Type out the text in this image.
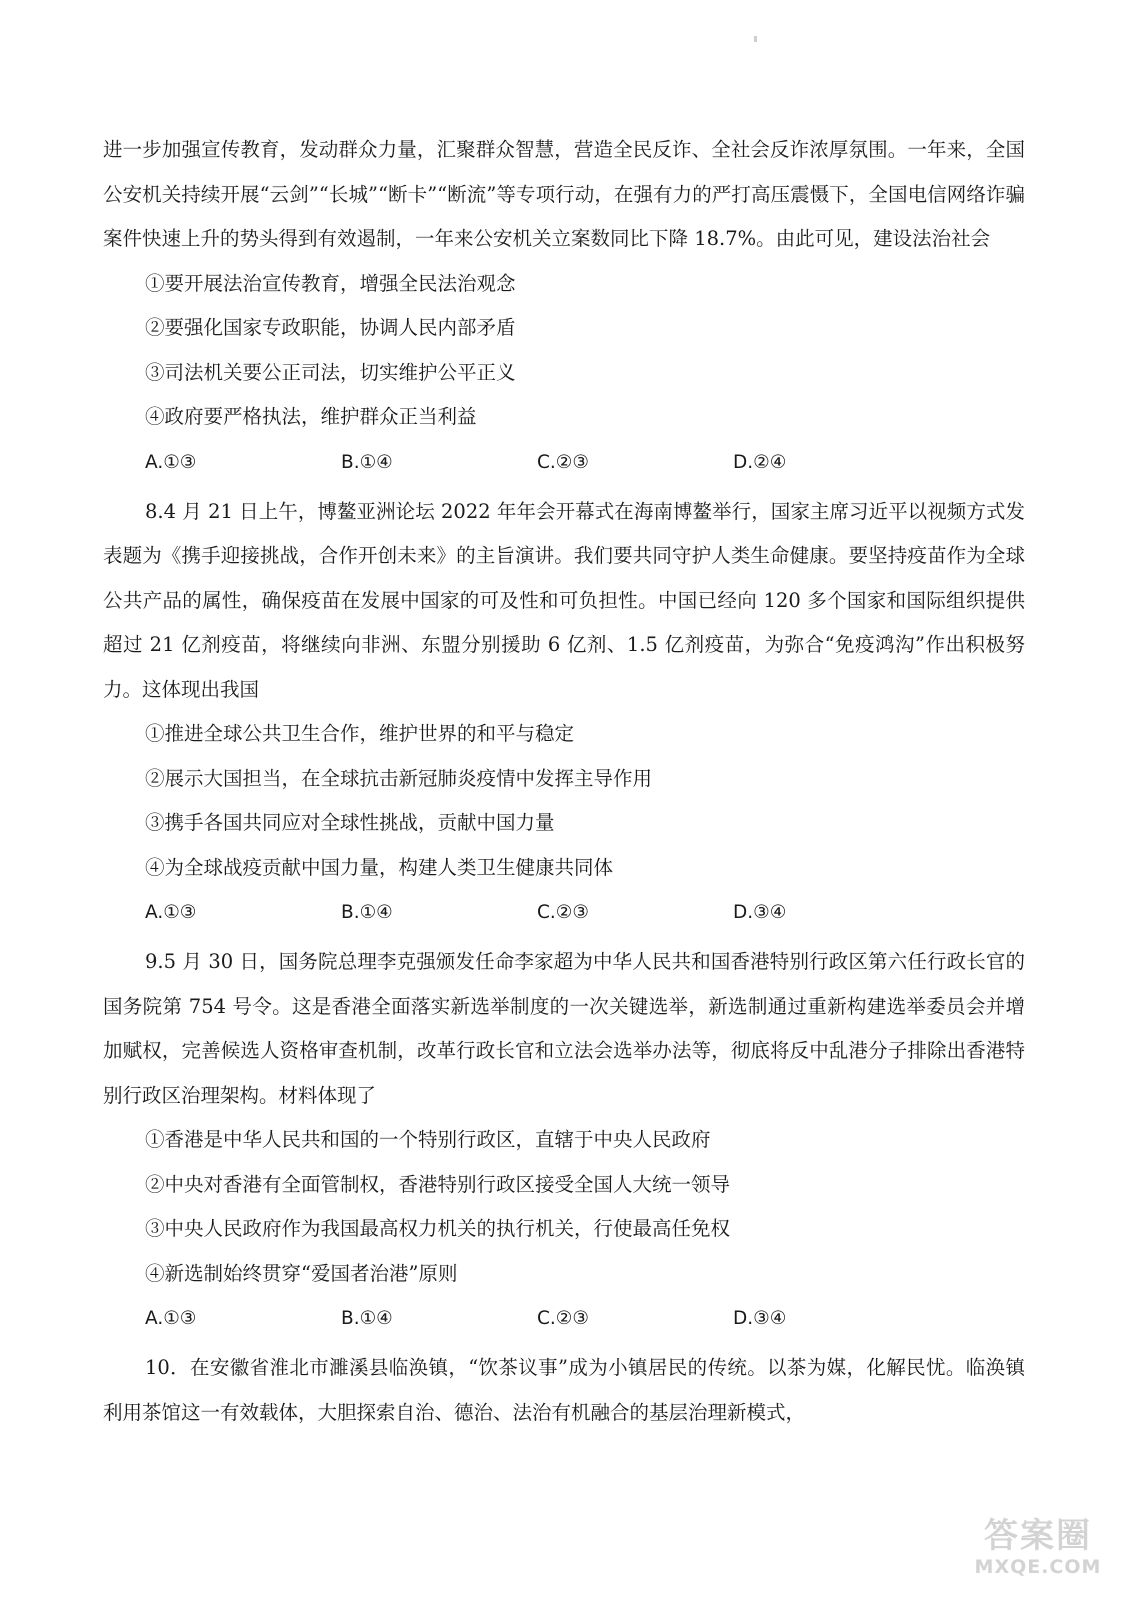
进一步加强宣传教育，发动群众力量，汇聚群众智慧，营造全民反诈、全社会反诈浓厚氛围。一年来，全国公安机关持续开展“云剑”“长城”“断卡”“断流”等专项行动，在强有力的严打高压震慑下，全国电信网络诈骗案件快速上升的势头得到有效遏制，一年来公安机关立案数同比下降 18.7%。由此可见，建设法治社会

①要开展法治宣传教育，增强全民法治观念

②要强化国家专政职能，协调人民内部矛盾

③司法机关要公正司法，切实维护公平正义

④政府要严格执法，维护群众正当利益

A.①③	B.①④	C.②③	D.②④

8.4 月 21 日上午，博鳌亚洲论坛 2022 年年会开幕式在海南博鳌举行，国家主席习近平以视频方式发表题为《携手迎接挑战，合作开创未来》的主旨演讲。我们要共同守护人类生命健康。要坚持疫苗作为全球公共产品的属性，确保疫苗在发展中国家的可及性和可负担性。中国已经向 120 多个国家和国际组织提供超过 21 亿剂疫苗，将继续向非洲、东盟分别援助 6 亿剂、1.5 亿剂疫苗，为弥合“免疫鸿沟”作出积极努力。这体现出我国

①推进全球公共卫生合作，维护世界的和平与稳定

②展示大国担当，在全球抗击新冠肺炎疫情中发挥主导作用

③携手各国共同应对全球性挑战，贡献中国力量

④为全球战疫贡献中国力量，构建人类卫生健康共同体

A.①③	B.①④	C.②③	D.③④

9.5 月 30 日，国务院总理李克强颁发任命李家超为中华人民共和国香港特别行政区第六任行政长官的国务院第 754 号令。这是香港全面落实新选举制度的一次关键选举，新选制通过重新构建选举委员会并增加赋权，完善候选人资格审查机制，改革行政长官和立法会选举办法等，彻底将反中乱港分子排除出香港特别行政区治理架构。材料体现了

①香港是中华人民共和国的一个特别行政区，直辖于中央人民政府

②中央对香港有全面管制权，香港特别行政区接受全国人大统一领导

③中央人民政府作为我国最高权力机关的执行机关，行使最高任免权

④新选制始终贯穿“爱国者治港”原则

A.①③	B.①④	C.②③	D.③④

10．在安徽省淮北市濉溪县临涣镇，“饮茶议事”成为小镇居民的传统。以茶为媒，化解民忧。临涣镇利用茶馆这一有效载体，大胆探索自治、德治、法治有机融合的基层治理新模式，

答案圈
MXQE.COM
